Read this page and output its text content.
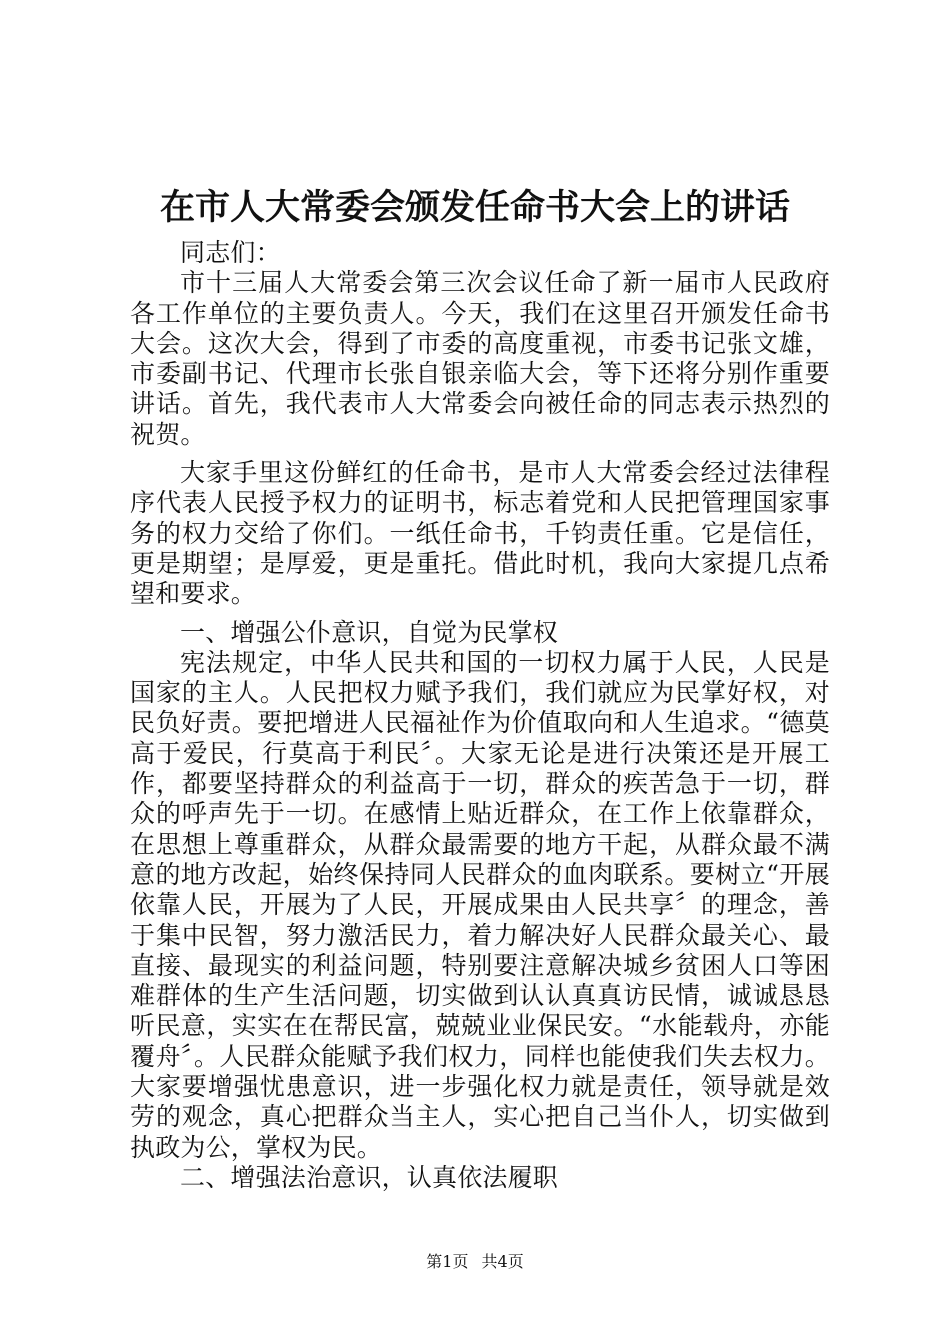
在市人大常委会颁发任命书大会上的讲话

同志们：

市十三届人大常委会第三次会议任命了新一届市人民政府各工作单位的主要负责人。今天，我们在这里召开颁发任命书大会。这次大会，得到了市委的高度重视，市委书记张文雄，市委副书记、代理市长张自银亲临大会，等下还将分别作重要讲话。首先，我代表市人大常委会向被任命的同志表示热烈的祝贺。

大家手里这份鲜红的任命书，是市人大常委会经过法律程序代表人民授予权力的证明书，标志着党和人民把管理国家事务的权力交给了你们。一纸任命书，千钧责任重。它是信任，更是期望；是厚爱，更是重托。借此时机，我向大家提几点希望和要求。

一、增强公仆意识，自觉为民掌权

宪法规定，中华人民共和国的一切权力属于人民，人民是国家的主人。人民把权力赋予我们，我们就应为民掌好权，对民负好责。要把增进人民福祉作为价值取向和人生追求。“德莫高于爱民，行莫高于利民〞。大家无论是进行决策还是开展工作，都要坚持群众的利益高于一切，群众的疾苦急于一切，群众的呼声先于一切。在感情上贴近群众，在工作上依靠群众，在思想上尊重群众，从群众最需要的地方干起，从群众最不满意的地方改起，始终保持同人民群众的血肉联系。要树立“开展依靠人民，开展为了人民，开展成果由人民共享〞的理念，善于集中民智，努力激活民力，着力解决好人民群众最关心、最直接、最现实的利益问题，特别要注意解决城乡贫困人口等困难群体的生产生活问题，切实做到认认真真访民情，诚诚恳恳听民意，实实在在帮民富，兢兢业业保民安。“水能载舟，亦能覆舟〞。人民群众能赋予我们权力，同样也能使我们失去权力。大家要增强忧患意识，进一步强化权力就是责任，领导就是效劳的观念，真心把群众当主人，实心把自己当仆人，切实做到执政为公，掌权为民。

二、增强法治意识，认真依法履职

第1页 共4页
